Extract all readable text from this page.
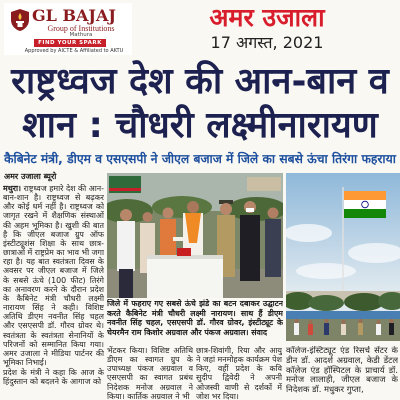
GL BAJAJ
Group of Institutions
Mathura
FIND YOUR SPARK
Approved by AICTE & Affiliated to AKTU
अमर उजाला
17 अगस्त, 2021
राष्ट्रध्वज देश की आन-बान व
शान : चौधरी लक्ष्मीनारायण
कैबिनेट मंत्री, डीएम व एसएसपी ने जीएल बजाज में जिले का सबसे ऊंचा तिरंगा फहराया
अमर उजाला ब्यूरो

मथुरा। राष्ट्रध्वज हमारे देश की आन-बान-शान है। राष्ट्रध्वज से बढ़कर और कोई धर्म नहीं है। राष्ट्रध्वज को जागृत रखने में शैक्षणिक संस्थाओं की अहम भूमिका है। खुशी की बात है कि जीएल बजाज ग्रुप ऑफ इंस्टीट्यूशंस शिक्षा के साथ छात्र-छात्राओं में राष्ट्रप्रेम का भाव भी जगा रहा है। यह बात स्वतंत्रता दिवस के अवसर पर जीएल बजाज में जिले के सबसे ऊंचे (100 फीट) तिरंगे का अनावरण करने के दौरान प्रदेश के कैबिनेट मंत्री चौधरी लक्ष्मी नारायण सिंह ने कही। विशिष्ट अतिथि डीएम नवनीत सिंह चहल और एसएसपी डॉ. गौरव ग्रोवर थे। स्वतंत्रता के स्वतंत्रता सेनानियों के परिजनों को सम्मानित किया गया। अमर उजाला ने मीडिया पार्टनर की भूमिका निभाई।

प्रदेश के मंत्री ने कहा कि आज के हिंदुस्तान को बदलने के आगाज को

जिले में फहराए गए सबसे ऊंचे झंडे का बटन दबाकर उद्घाटन करते कैबिनेट मंत्री चौधरी लक्ष्मी नारायण। साथ हैं डीएम नवनीत सिंह चहल, एसएसपी डॉ. गौरव ग्रोवर, इंस्टीट्यूट के चेयरमैन राम किशोर अग्रवाल और पंकज अग्रवाल। संवाद
भेंटकर किया। विशिष्ट अतिथि डीएम का स्वागत ग्रुप के उपाध्यक्ष पंकज अग्रवाल व एसएसपी का स्वागत प्रबंध निदेशक मनोज अग्रवाल ने किया। कार्तिक अग्रवाल ने भी
छात्र-शिवांगी, रिया और आयु ने जहां मनमोहक कार्यक्रम पेश किए, वहीं प्रदेश के कवि सुदीप द्विवेदी ने अपनी ओजस्वी वाणी से दर्शकों में जोश भर दिया।
कॉलेज-इंस्टिट्यूट एंड रिसर्च सेंटर के डीन डॉ. आदर्श अग्रवाल, केडी डेंटल कॉलेज एंड हॉस्पिटल के प्राचार्य डॉ. मनोज लालाही, जीएल बजाज के निदेशक डॉ. मधुकर गुप्ता,
